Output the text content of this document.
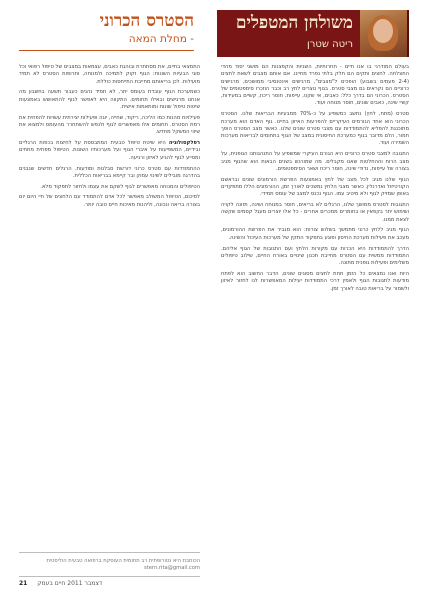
משולחן המטפלים
ריטה שטרן
הסטרס הכרוני
- מחלת המאה

בעולם המודרני בו אנו חיים - תחרותיות, השגיות והקפצנות הם מושגי יסוד מהדי התצלחה. לחצים ותקים הם חלק בלתי נפרד מחיינו. אם אותם מצבים לשאת לחצים (2-4 פעמים בשבוע) הופכים ל"מצבים", מרגישים אינטנסיבי ממושכים, מרגישים כרוניים הם נקראים גם מצבי סטרס. בגוף נוצרים לחץ רב וכבר הוזכרו סימפטומים של הסטרס. הכרוני הם בדרך כלל: כאבים, אי שקט, עייפות, חוסר ריכוז, קשיים במעידות, קשיי שינה, כאבים שונים, חוסר מנוחה ועוד.

סטרס (מתח, לחץ) נחשב כמשפיע על כ-70% ממבעיות הבריאות שלנו. הסטרס הכרוני הוא אחד הגורמים העיקריים להפרעות האיזון בחיינו. גוף האדם הוא מערכת מתוכננת להפליא להתמודדות עם מצבי סטרס שונים שלנו. כאשר מצב הסטרס הופך חמור, הלם מדובר בגוף כמערכת החיסונית במצב של הגוף בתחומים לבריאות מערכות השמירה ועוד.

התגובה למצבי סטרס כרוניים היא הגורם העיקרי שמשפיע על התנהגותנו הגופנית, על מצב הרוח וההחלטות שאנו מקבלים. מה שמורגש בשנים הבאות הוא שהגוף מגיב בצורה של עייפות, נדודי שינה, חוסר ריכוז ושאר הסימפטומים.

הגוף שלנו מגיב לכל מצב של לחץ באמצעות הפרשת הורמונים שונים ובראשם הקורטיזול ואדרנלין. כאשר מצבי הלחץ נמשכים לאורך זמן, ההורמונים הללו מתפקדים באופן שמזיק לגוף ולא מיטיב עמו. הגוף נכנס למצב של עומס תמידי.

התגובות לסטרס ממושך שלנו, הרגלים לא בריאים, חוסר במנוחה ושינה, תזונה לקויה ושימוש יתר בקפאין או בחומרים ממכרים אחרים - כל אלו יוצרים מעגל קסמים שקשה לצאת ממנו.

הגוף מגיב ללחץ כרוני מתמשך בשלוש צורות: הוא מגביר את הפרשת ההורמונים, מעכב את פעילות מערכת החיסון ופוגע בתפקוד התקין של מערכות העיכול והשינה.

הדרך להתמודדות היא הכרות עם מקורות הלחץ ועם התגובות של הגוף אליהם. התמודדות ממשית עם הסטרס מחייבת תכנון שינויים באורח החיים, שילוב טיפולים משלימים ופעילות גופנית מתונה.

היות ואנו נמצאים כל הזמן תחת לחצים מסוגים שונים, הדבר החשוב הוא לפתח מודעות לתגובות הגוף ולאמץ דרכי התמודדות יעילות המאפשרות לנו לחזור לאיזון ולשמור על בריאות טובה לאורך זמן.

התמצאי בחיים, את מסתתרת ובוהגת כאבים, עצמאות במצבים של טיפול רפואי וכל סוגי הבעיות השונות: הגוף זקוק לתמיכה ולמנוחה, ותרופות הסטרס לא תמיד מועילות. לכן בריאותם מחייבת התייחסות כוללת.

כשמערכת הגוף עובדת בעומס יתר, לא תמיד נהנים כעבור תשעה בחשבון מה אנחנו מרגישים ובאילו תחומים. התקווה היא לאפשר לגוף להתאושש באמצעות שיטות טיפול שונות ומותאמות אישית.

פעילויות מהנות כמו הליכה, ריקוד, שחייה, יוגה ופעילות יצירתית עשויות להפחית את רמת הסטרס. תחומים אלו מאפשרים לגוף ולנפש להשתחרר מהעומס ולמצוא את שיווי המשקל מחדש.

רפלקסולוגיה היא שיטת טיפול טבעית המתבססת על לחיצות בכפות הרגליים ובידיים, המשפיעות על איברי הגוף ועל מערכותיו השונות. הטיפול מפחית מתחים ומסייע לגוף להגיע לאיזון ורגיעה.

ההתמודדות עם סטרס כרוני דורשת סבלנות ומודעות. הרגלים חדשים שנבנים בהדרגה מובילים לשינוי עמוק ובר קיימא בבריאות הכללית.

הטיפולים והמנוחה מאפשרים לגוף לשקם את עצמו ולחזור לתפקוד מלא.

לסיכום, הטיפול המשולב מאפשר לכל אדם להתמודד עם הלחצים של חיי היום יום בצורה בריאה ונכונה, וליהנות מאיכות חיים טובה יותר.

הכותבת היא נטורופתית רב תחומית העוסקת ברפואה טבעית הוליסטית stern.rita@gmail.com
21 דצמבר 2011 חיים בעמק
